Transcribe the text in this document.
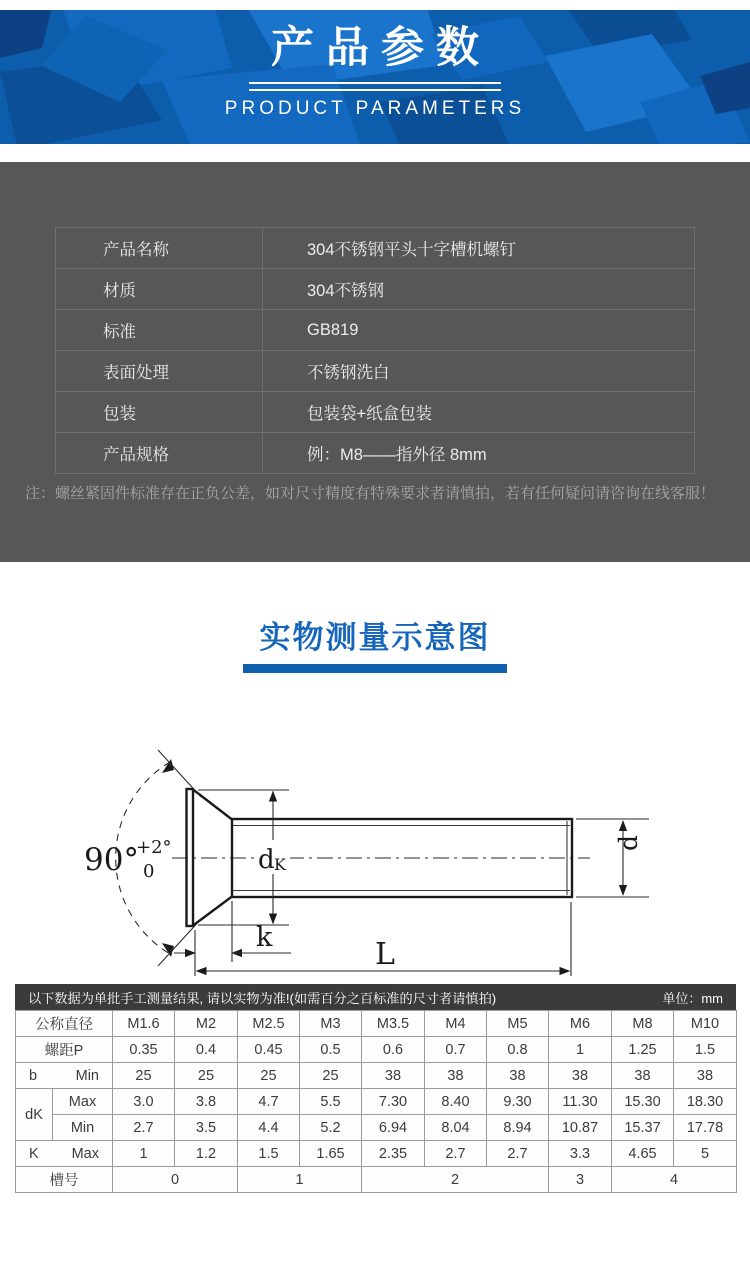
产品参数
PRODUCT PARAMETERS
产品名称	304不锈钢平头十字槽机螺钉
材质	304不锈钢
标准	GB819
表面处理	不锈钢洗白
包装	包装袋+纸盒包装
产品规格	例：M8——指外径 8mm
注：螺丝紧固件标准存在正负公差，如对尺寸精度有特殊要求者请慎拍，若有任何疑问请咨询在线客服！
实物测量示意图
d K
k	L
d
90°
+2°
0
以下数据为单批手工测量结果, 请以实物为准!(如需百分之百标准的尺寸者请慎拍)	单位：mm
公称直径		M1.6	M2	M2.5	M3	M3.5	M4	M5	M6	M8	M10
螺距P		0.35	0.4	0.45	0.5	0.6	0.7	0.8	1	1.25	1.5

b Min		25	25	25	25	38	38	38	38	38	38
dK	Max	3.0	3.8	4.7	5.5	7.30	8.40	9.30	11.30	15.30	18.30
	Min	2.7	3.5	4.4	5.2	6.94	8.04	8.94	10.87	15.37	17.78

K Max		1	1.2	1.5	1.65	2.35	2.7	2.7	3.3	4.65	5
槽号		0		1		2			3	4	
